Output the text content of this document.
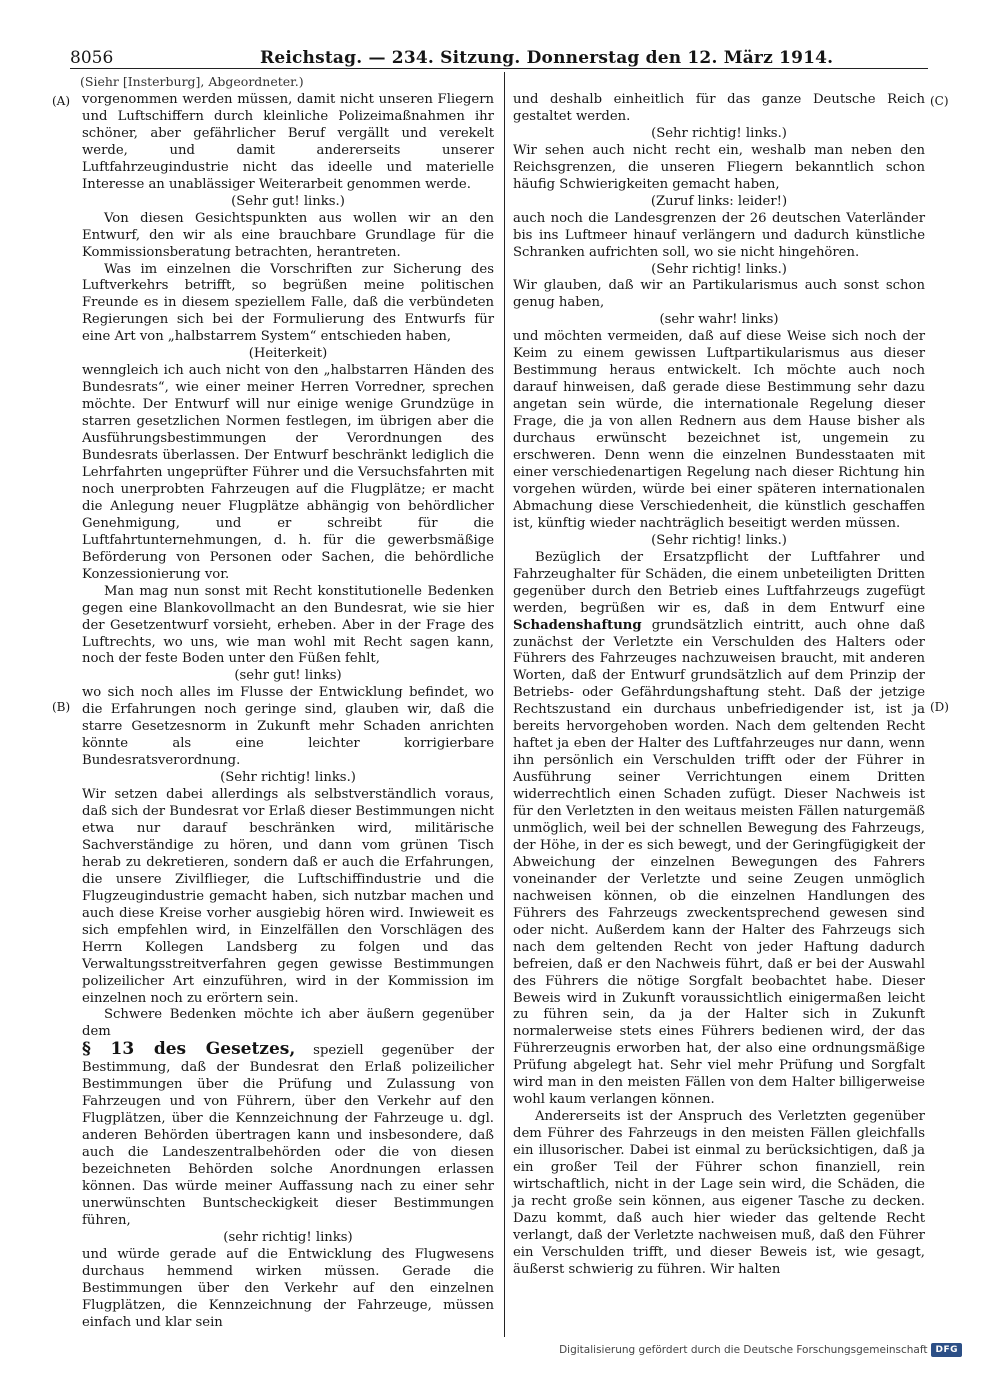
8056	Reichstag. — 234. Sitzung. Donnerstag den 12. März 1914.
(Siehr [Insterburg], Abgeordneter.)
(A)
(B)
(C)
(D)

vorgenommen werden müssen, damit nicht unseren Fliegern und Luftschiffern durch kleinliche Polizeimaßnahmen ihr schöner, aber gefährlicher Beruf vergällt und verekelt werde, und damit andererseits unserer Luftfahrzeugindustrie nicht das ideelle und materielle Interesse an unablässiger Weiterarbeit genommen werde.

(Sehr gut! links.)

Von diesen Gesichtspunkten aus wollen wir an den Entwurf, den wir als eine brauchbare Grundlage für die Kommissionsberatung betrachten, herantreten.

Was im einzelnen die Vorschriften zur Sicherung des Luftverkehrs betrifft, so begrüßen meine politischen Freunde es in diesem speziellem Falle, daß die verbündeten Regierungen sich bei der Formulierung des Entwurfs für eine Art von „halbstarrem System“ entschieden haben,

(Heiterkeit)

wenngleich ich auch nicht von den „halbstarren Händen des Bundesrats“, wie einer meiner Herren Vorredner, sprechen möchte. Der Entwurf will nur einige wenige Grundzüge in starren gesetzlichen Normen festlegen, im übrigen aber die Ausführungsbestimmungen der Verordnungen des Bundesrats überlassen. Der Entwurf beschränkt lediglich die Lehrfahrten ungeprüfter Führer und die Versuchsfahrten mit noch unerprobten Fahrzeugen auf die Flugplätze; er macht die Anlegung neuer Flugplätze abhängig von behördlicher Genehmigung, und er schreibt für die Luftfahrtunternehmungen, d. h. für die gewerbsmäßige Beförderung von Personen oder Sachen, die behördliche Konzessionierung vor.

Man mag nun sonst mit Recht konstitutionelle Bedenken gegen eine Blankovollmacht an den Bundesrat, wie sie hier der Gesetzentwurf vorsieht, erheben. Aber in der Frage des Luftrechts, wo uns, wie man wohl mit Recht sagen kann, noch der feste Boden unter den Füßen fehlt,

(sehr gut! links)

wo sich noch alles im Flusse der Entwicklung befindet, wo die Erfahrungen noch geringe sind, glauben wir, daß die starre Gesetzesnorm in Zukunft mehr Schaden anrichten könnte als eine leichter korrigierbare Bundesratsverordnung.

(Sehr richtig! links.)

Wir setzen dabei allerdings als selbstverständlich voraus, daß sich der Bundesrat vor Erlaß dieser Bestimmungen nicht etwa nur darauf beschränken wird, militärische Sachverständige zu hören, und dann vom grünen Tisch herab zu dekretieren, sondern daß er auch die Erfahrungen, die unsere Zivilflieger, die Luftschiffindustrie und die Flugzeugindustrie gemacht haben, sich nutzbar machen und auch diese Kreise vorher ausgiebig hören wird. Inwieweit es sich empfehlen wird, in Einzelfällen den Vorschlägen des Herrn Kollegen Landsberg zu folgen und das Verwaltungsstreitverfahren gegen gewisse Bestimmungen polizeilicher Art einzuführen, wird in der Kommission im einzelnen noch zu erörtern sein.

Schwere Bedenken möchte ich aber äußern gegenüber dem

§ 13 des Gesetzes, speziell gegenüber der Bestimmung, daß der Bundesrat den Erlaß polizeilicher Bestimmungen über die Prüfung und Zulassung von Fahrzeugen und von Führern, über den Verkehr auf den Flugplätzen, über die Kennzeichnung der Fahrzeuge u. dgl. anderen Behörden übertragen kann und insbesondere, daß auch die Landeszentralbehörden oder die von diesen bezeichneten Behörden solche Anordnungen erlassen können. Das würde meiner Auffassung nach zu einer sehr unerwünschten Buntscheckigkeit dieser Bestimmungen führen,

(sehr richtig! links)

und würde gerade auf die Entwicklung des Flugwesens durchaus hemmend wirken müssen. Gerade die Bestimmungen über den Verkehr auf den einzelnen Flugplätzen, die Kennzeichnung der Fahrzeuge, müssen einfach und klar sein

und deshalb einheitlich für das ganze Deutsche Reich gestaltet werden.

(Sehr richtig! links.)

Wir sehen auch nicht recht ein, weshalb man neben den Reichsgrenzen, die unseren Fliegern bekanntlich schon häufig Schwierigkeiten gemacht haben,

(Zuruf links: leider!)

auch noch die Landesgrenzen der 26 deutschen Vaterländer bis ins Luftmeer hinauf verlängern und dadurch künstliche Schranken aufrichten soll, wo sie nicht hingehören.

(Sehr richtig! links.)

Wir glauben, daß wir an Partikularismus auch sonst schon genug haben,

(sehr wahr! links)

und möchten vermeiden, daß auf diese Weise sich noch der Keim zu einem gewissen Luftpartikularismus aus dieser Bestimmung heraus entwickelt. Ich möchte auch noch darauf hinweisen, daß gerade diese Bestimmung sehr dazu angetan sein würde, die internationale Regelung dieser Frage, die ja von allen Rednern aus dem Hause bisher als durchaus erwünscht bezeichnet ist, ungemein zu erschweren. Denn wenn die einzelnen Bundesstaaten mit einer verschiedenartigen Regelung nach dieser Richtung hin vorgehen würden, würde bei einer späteren internationalen Abmachung diese Verschiedenheit, die künstlich geschaffen ist, künftig wieder nachträglich beseitigt werden müssen.

(Sehr richtig! links.)

Bezüglich der Ersatzpflicht der Luftfahrer und Fahrzeughalter für Schäden, die einem unbeteiligten Dritten gegenüber durch den Betrieb eines Luftfahrzeugs zugefügt werden, begrüßen wir es, daß in dem Entwurf eine Schadenshaftung grundsätzlich eintritt, auch ohne daß zunächst der Verletzte ein Verschulden des Halters oder Führers des Fahrzeuges nachzuweisen braucht, mit anderen Worten, daß der Entwurf grundsätzlich auf dem Prinzip der Betriebs- oder Gefährdungshaftung steht. Daß der jetzige Rechtszustand ein durchaus unbefriedigender ist, ist ja bereits hervorgehoben worden. Nach dem geltenden Recht haftet ja eben der Halter des Luftfahrzeuges nur dann, wenn ihn persönlich ein Verschulden trifft oder der Führer in Ausführung seiner Verrichtungen einem Dritten widerrechtlich einen Schaden zufügt. Dieser Nachweis ist für den Verletzten in den weitaus meisten Fällen naturgemäß unmöglich, weil bei der schnellen Bewegung des Fahrzeugs, der Höhe, in der es sich bewegt, und der Geringfügigkeit der Abweichung der einzelnen Bewegungen des Fahrers voneinander der Verletzte und seine Zeugen unmöglich nachweisen können, ob die einzelnen Handlungen des Führers des Fahrzeugs zweckentsprechend gewesen sind oder nicht. Außerdem kann der Halter des Fahrzeugs sich nach dem geltenden Recht von jeder Haftung dadurch befreien, daß er den Nachweis führt, daß er bei der Auswahl des Führers die nötige Sorgfalt beobachtet habe. Dieser Beweis wird in Zukunft voraussichtlich einigermaßen leicht zu führen sein, da ja der Halter sich in Zukunft normalerweise stets eines Führers bedienen wird, der das Führerzeugnis erworben hat, der also eine ordnungsmäßige Prüfung abgelegt hat. Sehr viel mehr Prüfung und Sorgfalt wird man in den meisten Fällen von dem Halter billigerweise wohl kaum verlangen können.

Andererseits ist der Anspruch des Verletzten gegenüber dem Führer des Fahrzeugs in den meisten Fällen gleichfalls ein illusorischer. Dabei ist einmal zu berücksichtigen, daß ja ein großer Teil der Führer schon finanziell, rein wirtschaftlich, nicht in der Lage sein wird, die Schäden, die ja recht große sein können, aus eigener Tasche zu decken. Dazu kommt, daß auch hier wieder das geltende Recht verlangt, daß der Verletzte nachweisen muß, daß den Führer ein Verschulden trifft, und dieser Beweis ist, wie gesagt, äußerst schwierig zu führen. Wir halten

Digitalisierung gefördert durch die Deutsche Forschungsgemeinschaft DFG
